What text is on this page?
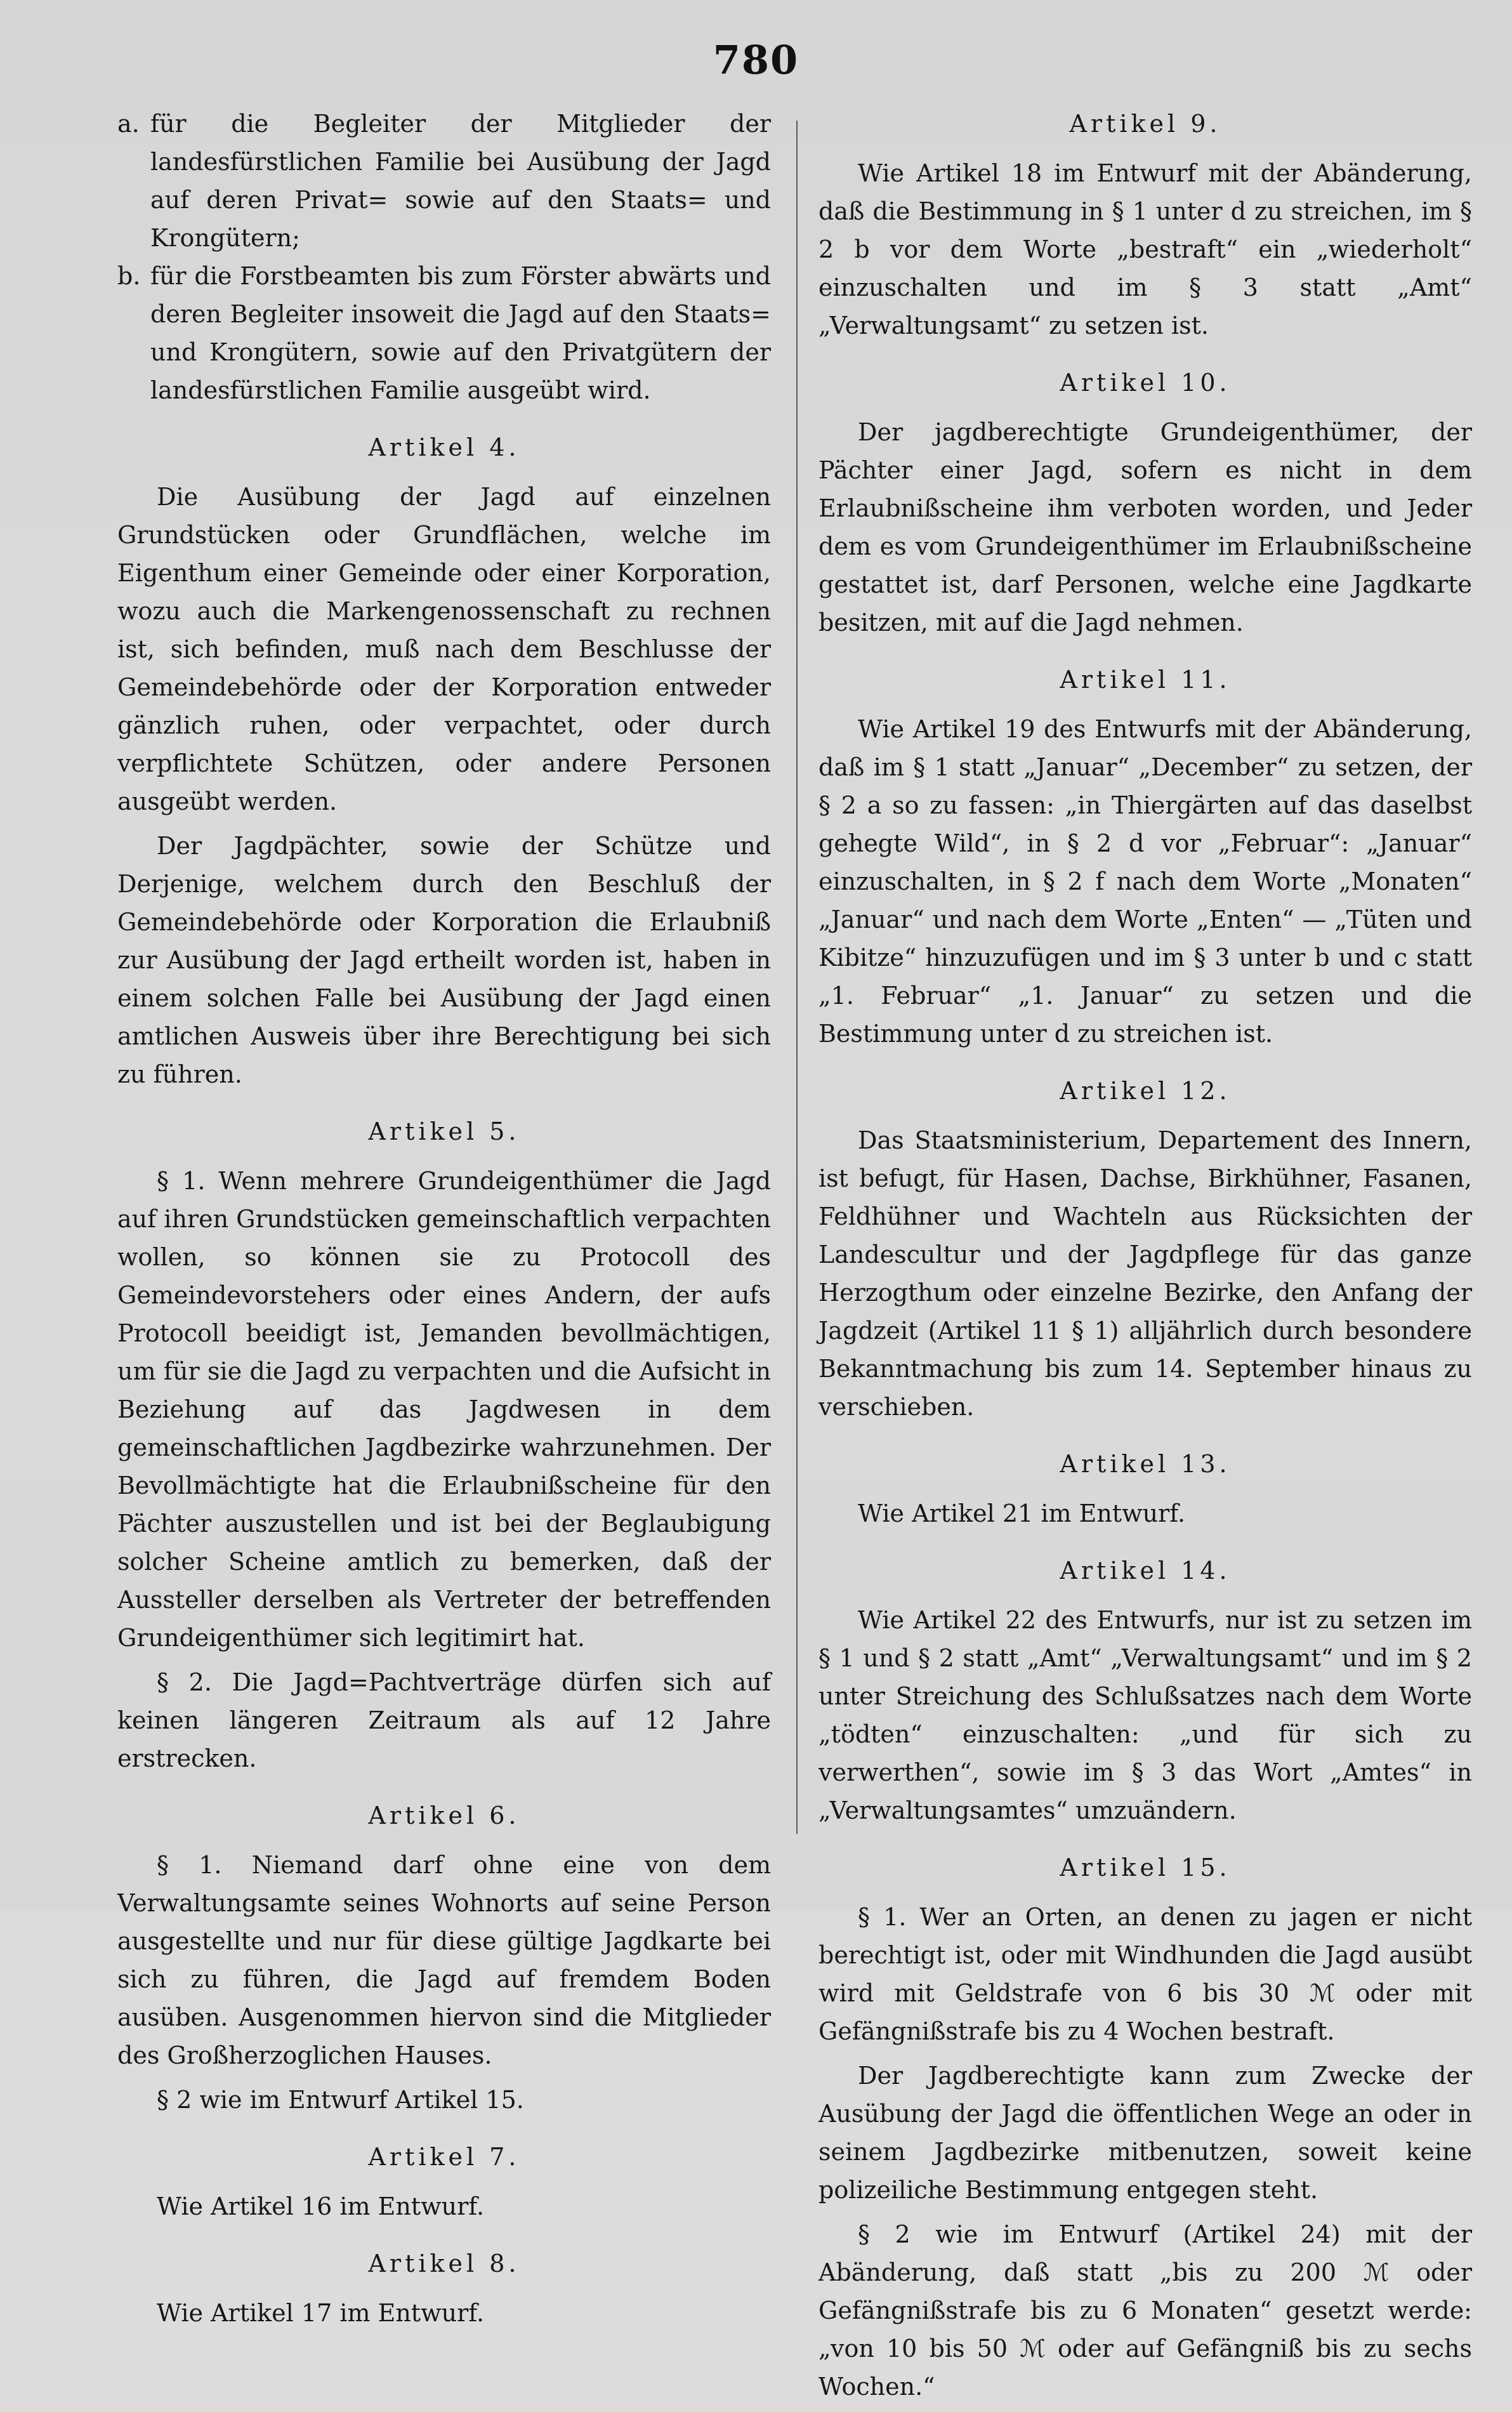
780
a. für die Begleiter der Mitglieder der landesfürstlichen Familie bei Ausübung der Jagd auf deren Privat= sowie auf den Staats= und Krongütern;
b. für die Forstbeamten bis zum Förster abwärts und deren Begleiter insoweit die Jagd auf den Staats= und Krongütern, sowie auf den Privatgütern der landesfürstlichen Familie ausgeübt wird.
Artikel 4.

Die Ausübung der Jagd auf einzelnen Grundstücken oder Grundflächen, welche im Eigenthum einer Gemeinde oder einer Korporation, wozu auch die Markengenossenschaft zu rechnen ist, sich befinden, muß nach dem Beschlusse der Gemeindebehörde oder der Korporation entweder gänzlich ruhen, oder verpachtet, oder durch verpflichtete Schützen, oder andere Personen ausgeübt werden.

Der Jagdpächter, sowie der Schütze und Derjenige, welchem durch den Beschluß der Gemeindebehörde oder Korporation die Erlaubniß zur Ausübung der Jagd ertheilt worden ist, haben in einem solchen Falle bei Ausübung der Jagd einen amtlichen Ausweis über ihre Berechtigung bei sich zu führen.

Artikel 5.

§ 1. Wenn mehrere Grundeigenthümer die Jagd auf ihren Grundstücken gemeinschaftlich verpachten wollen, so können sie zu Protocoll des Gemeindevorstehers oder eines Andern, der aufs Protocoll beeidigt ist, Jemanden bevollmächtigen, um für sie die Jagd zu verpachten und die Aufsicht in Beziehung auf das Jagdwesen in dem gemeinschaftlichen Jagdbezirke wahrzunehmen. Der Bevollmächtigte hat die Erlaubnißscheine für den Pächter auszustellen und ist bei der Beglaubigung solcher Scheine amtlich zu bemerken, daß der Aussteller derselben als Vertreter der betreffenden Grundeigenthümer sich legitimirt hat.

§ 2. Die Jagd=Pachtverträge dürfen sich auf keinen längeren Zeitraum als auf 12 Jahre erstrecken.

Artikel 6.

§ 1. Niemand darf ohne eine von dem Verwaltungsamte seines Wohnorts auf seine Person ausgestellte und nur für diese gültige Jagdkarte bei sich zu führen, die Jagd auf fremdem Boden ausüben. Ausgenommen hiervon sind die Mitglieder des Großherzoglichen Hauses.

§ 2 wie im Entwurf Artikel 15.

Artikel 7.

Wie Artikel 16 im Entwurf.

Artikel 8.

Wie Artikel 17 im Entwurf.

Artikel 9.

Wie Artikel 18 im Entwurf mit der Abänderung, daß die Bestimmung in § 1 unter d zu streichen, im § 2 b vor dem Worte „bestraft“ ein „wiederholt“ einzuschalten und im § 3 statt „Amt“ „Verwaltungsamt“ zu setzen ist.

Artikel 10.

Der jagdberechtigte Grundeigenthümer, der Pächter einer Jagd, sofern es nicht in dem Erlaubnißscheine ihm verboten worden, und Jeder dem es vom Grundeigenthümer im Erlaubnißscheine gestattet ist, darf Personen, welche eine Jagdkarte besitzen, mit auf die Jagd nehmen.

Artikel 11.

Wie Artikel 19 des Entwurfs mit der Abänderung, daß im § 1 statt „Januar“ „December“ zu setzen, der § 2 a so zu fassen: „in Thiergärten auf das daselbst gehegte Wild“, in § 2 d vor „Februar“: „Januar“ einzuschalten, in § 2 f nach dem Worte „Monaten“ „Januar“ und nach dem Worte „Enten“ — „Tüten und Kibitze“ hinzuzufügen und im § 3 unter b und c statt „1. Februar“ „1. Januar“ zu setzen und die Bestimmung unter d zu streichen ist.

Artikel 12.

Das Staatsministerium, Departement des Innern, ist befugt, für Hasen, Dachse, Birkhühner, Fasanen, Feldhühner und Wachteln aus Rücksichten der Landescultur und der Jagdpflege für das ganze Herzogthum oder einzelne Bezirke, den Anfang der Jagdzeit (Artikel 11 § 1) alljährlich durch besondere Bekanntmachung bis zum 14. September hinaus zu verschieben.

Artikel 13.

Wie Artikel 21 im Entwurf.

Artikel 14.

Wie Artikel 22 des Entwurfs, nur ist zu setzen im § 1 und § 2 statt „Amt“ „Verwaltungsamt“ und im § 2 unter Streichung des Schlußsatzes nach dem Worte „tödten“ einzuschalten: „und für sich zu verwerthen“, sowie im § 3 das Wort „Amtes“ in „Verwaltungsamtes“ umzuändern.

Artikel 15.

§ 1. Wer an Orten, an denen zu jagen er nicht berechtigt ist, oder mit Windhunden die Jagd ausübt wird mit Geldstrafe von 6 bis 30 ℳ oder mit Gefängnißstrafe bis zu 4 Wochen bestraft.

Der Jagdberechtigte kann zum Zwecke der Ausübung der Jagd die öffentlichen Wege an oder in seinem Jagdbezirke mitbenutzen, soweit keine polizeiliche Bestimmung entgegen steht.

§ 2 wie im Entwurf (Artikel 24) mit der Abänderung, daß statt „bis zu 200 ℳ oder Gefängnißstrafe bis zu 6 Monaten“ gesetzt werde: „von 10 bis 50 ℳ oder auf Gefängniß bis zu sechs Wochen.“
